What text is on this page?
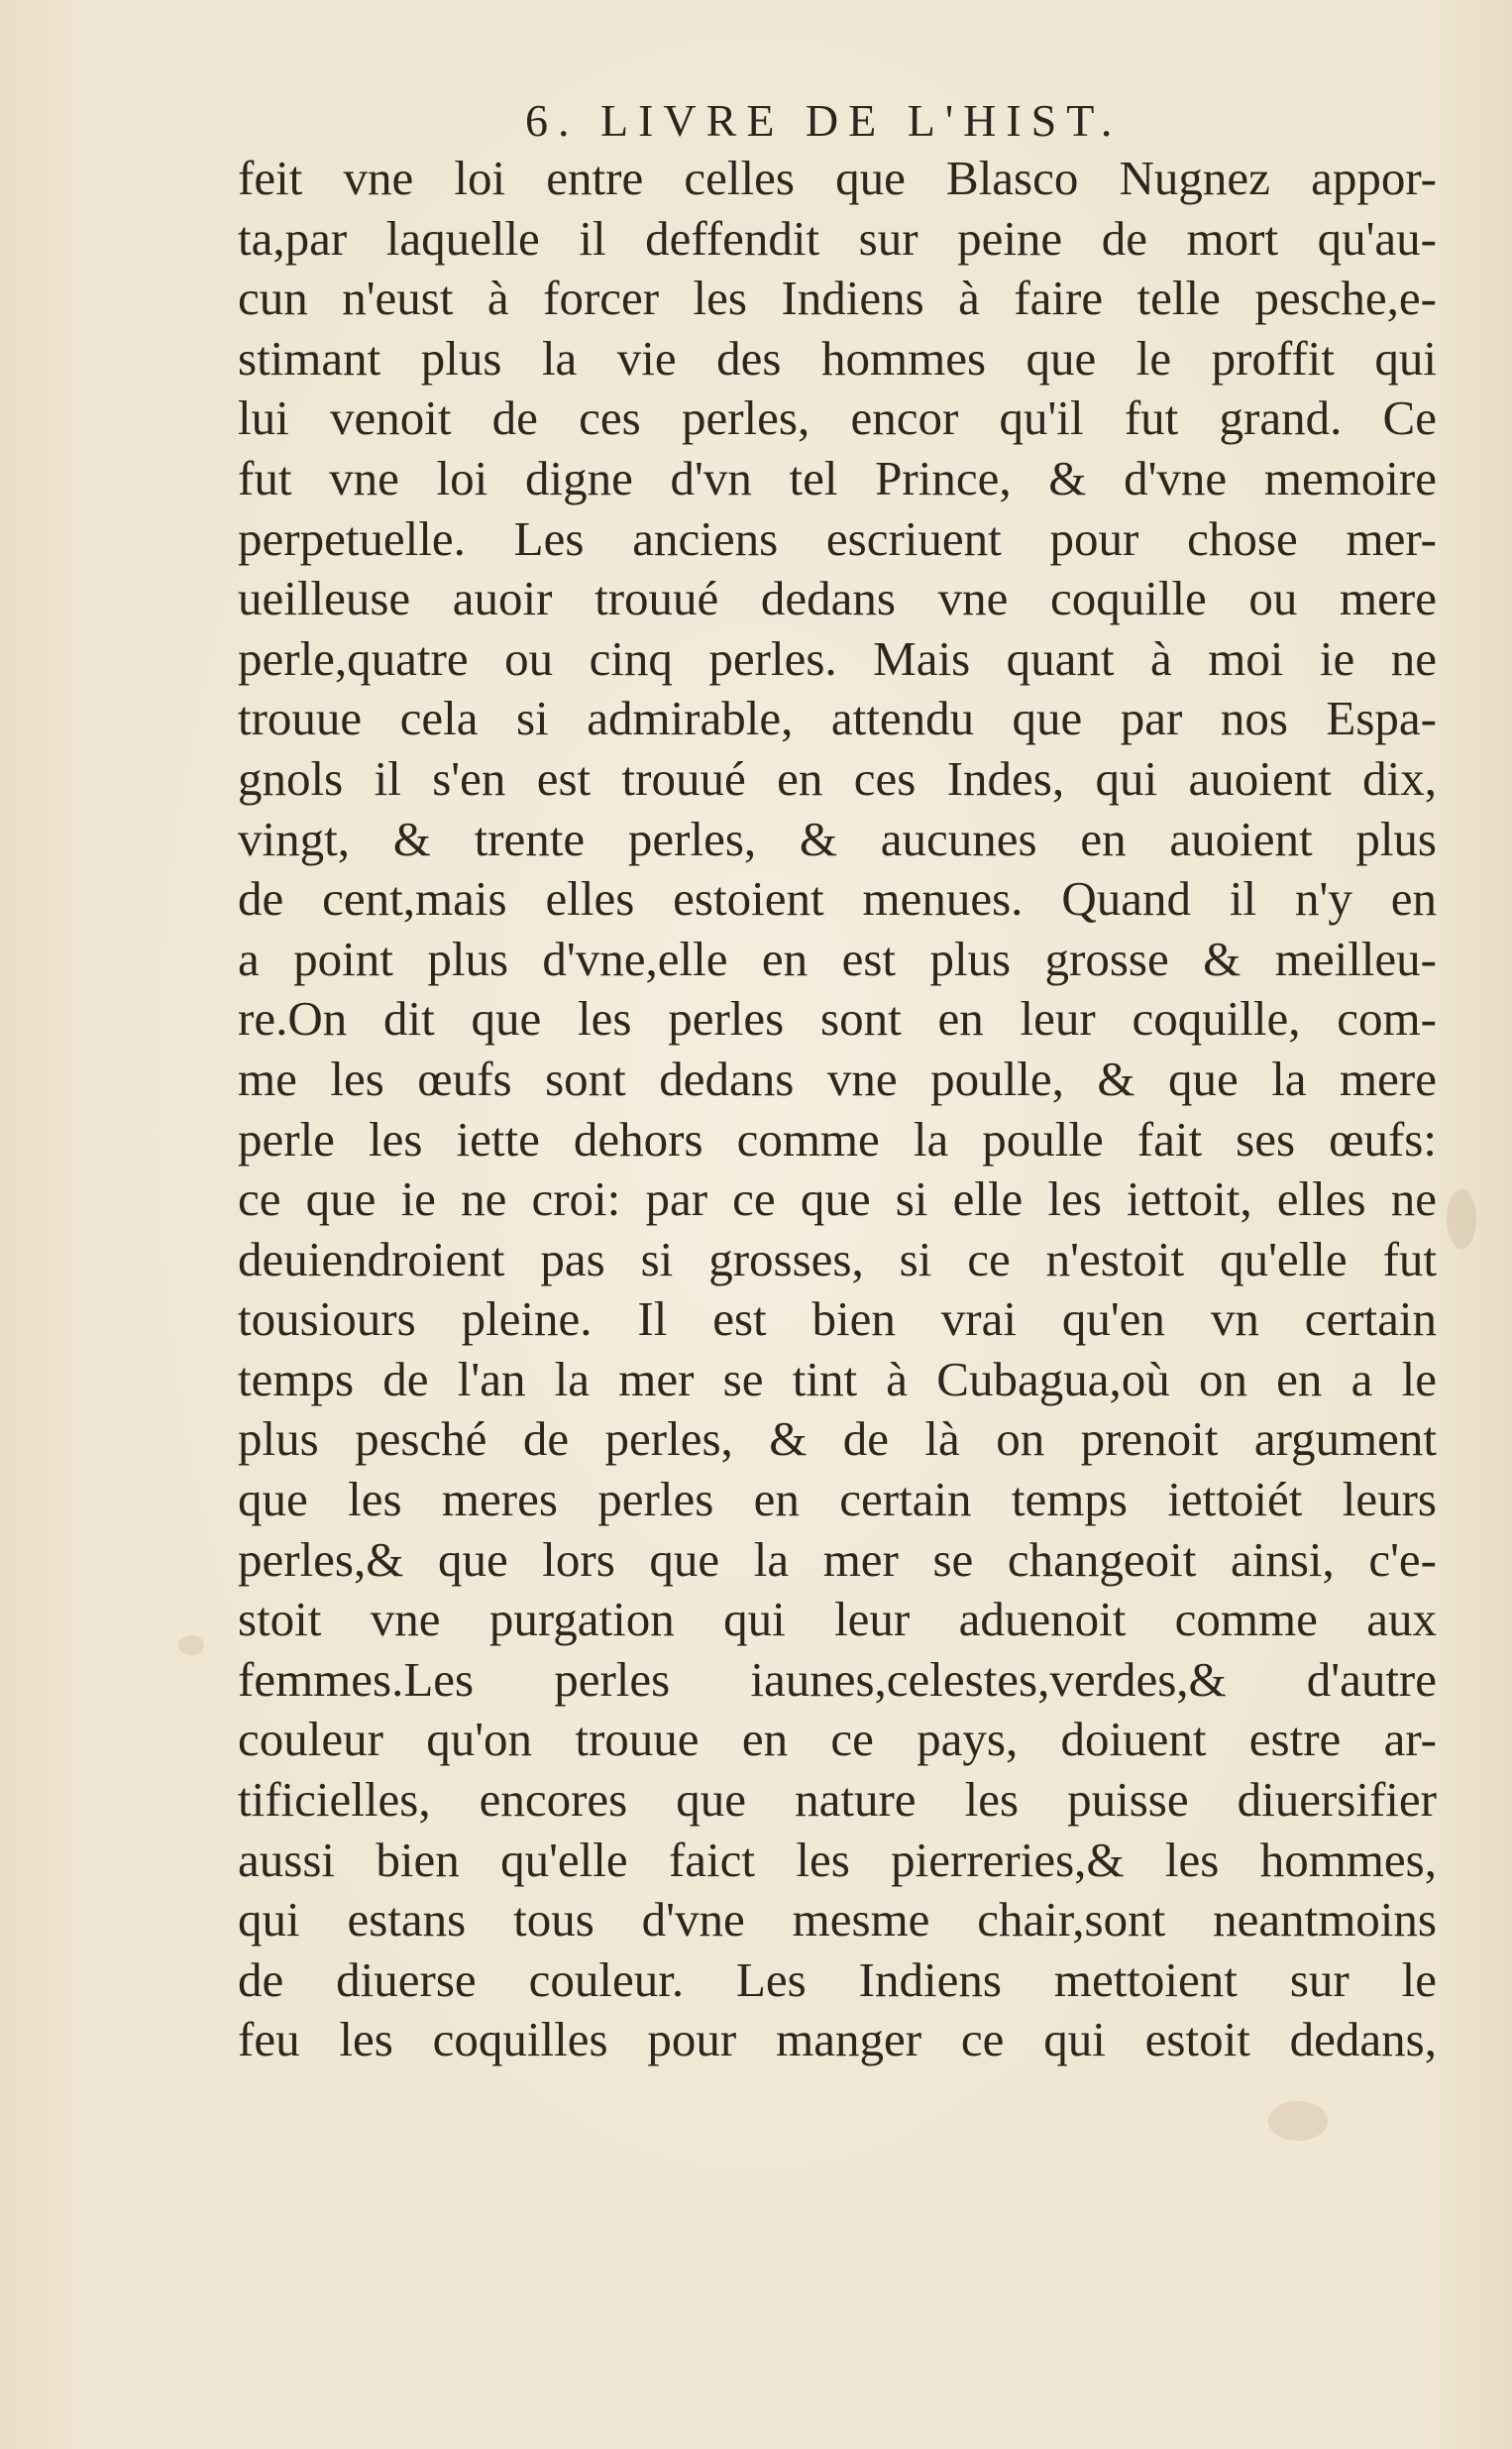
6. LIVRE DE L'HIST.
feit vne loi entre celles que Blasco Nugnez appor-
ta,par laquelle il deffendit sur peine de mort qu'au-
cun n'eust à forcer les Indiens à faire telle pesche,e-
stimant plus la vie des hommes que le proffit qui
lui venoit de ces perles, encor qu'il fut grand. Ce
fut vne loi digne d'vn tel Prince, & d'vne memoire
perpetuelle. Les anciens escriuent pour chose mer-
ueilleuse auoir trouué dedans vne coquille ou mere
perle,quatre ou cinq perles. Mais quant à moi ie ne
trouue cela si admirable, attendu que par nos Espa-
gnols il s'en est trouué en ces Indes, qui auoient dix,
vingt, & trente perles, & aucunes en auoient plus
de cent,mais elles estoient menues. Quand il n'y en
a point plus d'vne,elle en est plus grosse & meilleu-
re.On dit que les perles sont en leur coquille, com-
me les œufs sont dedans vne poulle, & que la mere
perle les iette dehors comme la poulle fait ses œufs:
ce que ie ne croi: par ce que si elle les iettoit, elles ne
deuiendroient pas si grosses, si ce n'estoit qu'elle fut
tousiours pleine. Il est bien vrai qu'en vn certain
temps de l'an la mer se tint à Cubagua,où on en a le
plus pesché de perles, & de là on prenoit argument
que les meres perles en certain temps iettoiét leurs
perles,& que lors que la mer se changeoit ainsi, c'e-
stoit vne purgation qui leur aduenoit comme aux
femmes.Les perles iaunes,celestes,verdes,& d'autre
couleur qu'on trouue en ce pays, doiuent estre ar-
tificielles, encores que nature les puisse diuersifier
aussi bien qu'elle faict les pierreries,& les hommes,
qui estans tous d'vne mesme chair,sont neantmoins
de diuerse couleur. Les Indiens mettoient sur le
feu les coquilles pour manger ce qui estoit dedans,
